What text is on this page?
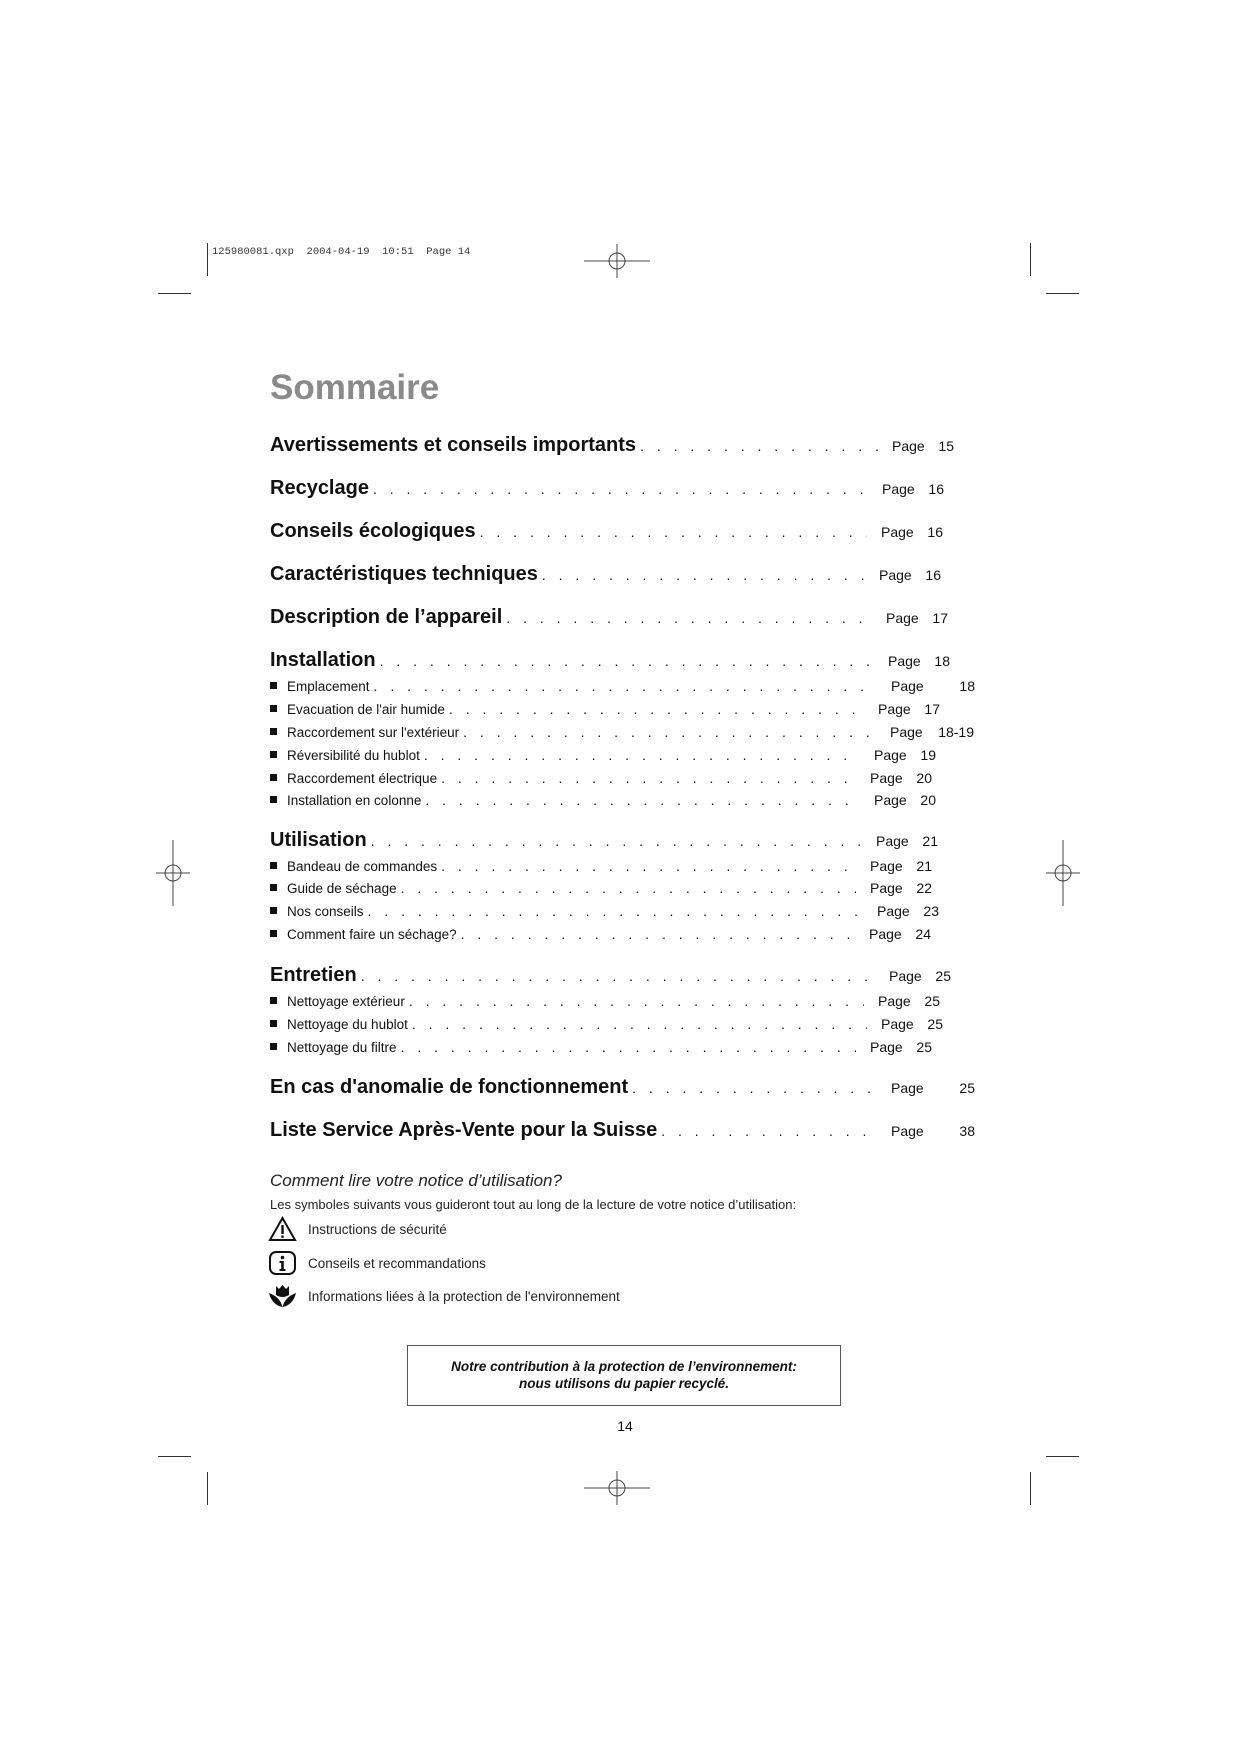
125980081.qxp  2004-04-19  10:51  Page 14
Sommaire
Avertissements et conseils importants . . .	Page 15
Recyclage . . .	Page 16
Conseils écologiques . . .	Page 16
Caractéristiques techniques . . .	Page 16
Description de l’appareil . . .	Page 17
Installation . . .	Page 18
Emplacement . . .	Page	18
Evacuation de l'air humide . . .	Page 17
Raccordement sur l'extérieur . . .	Page 18-19
Réversibilité du hublot . . .	Page 19
Raccordement électrique . . .	Page 20
Installation en colonne . . .	Page 20
Utilisation . . .	Page 21
Bandeau de commandes . . .	Page 21
Guide de séchage . . .	Page 22
Nos conseils . . .	Page 23
Comment faire un séchage? . . .	Page 24
Entretien . . .	Page 25
Nettoyage extérieur . . .	Page 25
Nettoyage du hublot . . .	Page 25
Nettoyage du filtre . . .	Page 25
En cas d'anomalie de fonctionnement . . .	Page	25
Liste Service Après-Vente pour la Suisse . . .	Page	38
Comment lire votre notice d’utilisation?
Les symboles suivants vous guideront tout au long de la lecture de votre notice d’utilisation:
Instructions de sécurité
Conseils et recommandations
Informations liées à la protection de l'environnement
Notre contribution à la protection de l’environnement:
nous utilisons du papier recyclé.
14
